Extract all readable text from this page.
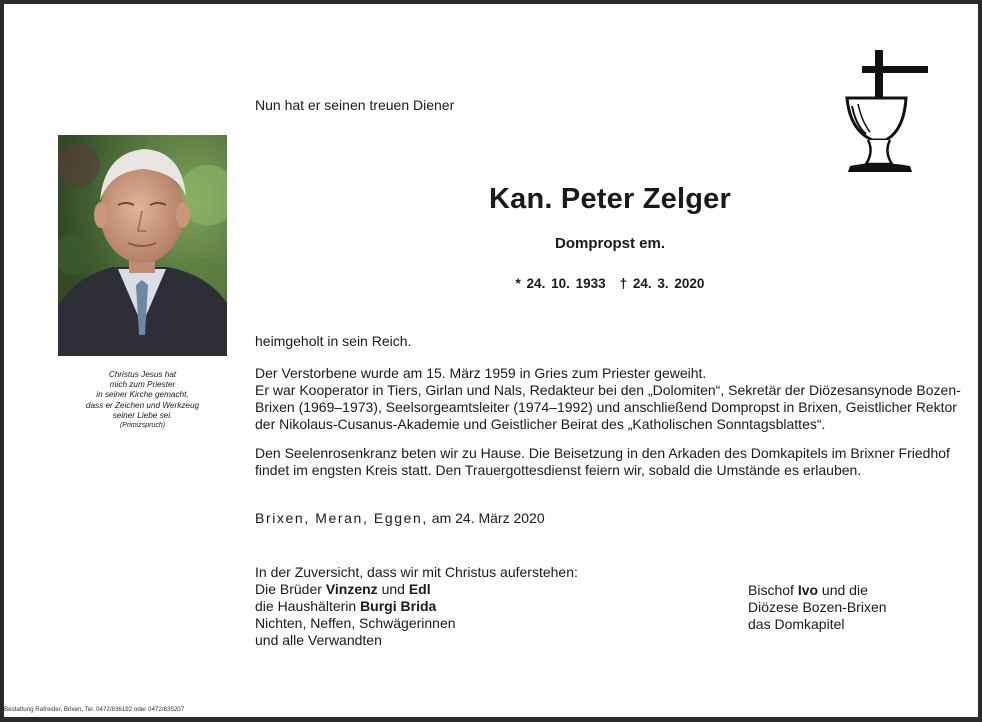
Nun hat er seinen treuen Diener
Christus Jesus hat
mich zum Priester
in seiner Kirche gemacht,
dass er Zeichen und Werkzeug
seiner Liebe sei.
(Primizspruch)
Kan. Peter Zelger
Dompropst em.
* 24. 10. 1933 † 24. 3. 2020
heimgeholt in sein Reich.
Der Verstorbene wurde am 15. März 1959 in Gries zum Priester geweiht.
Er war Kooperator in Tiers, Girlan und Nals, Redakteur bei den „Dolomiten“, Sekretär der Diözesansynode Bozen-
Brixen (1969–1973), Seelsorgeamtsleiter (1974–1992) und anschließend Dompropst in Brixen, Geistlicher Rektor
der Nikolaus-Cusanus-Akademie und Geistlicher Beirat des „Katholischen Sonntagsblattes“.
Den Seelenrosenkranz beten wir zu Hause. Die Beisetzung in den Arkaden des Domkapitels im Brixner Friedhof
findet im engsten Kreis statt. Den Trauergottesdienst feiern wir, sobald die Umstände es erlauben.
Brixen, Meran, Eggen, am 24. März 2020
In der Zuversicht, dass wir mit Christus auferstehen:
Die Brüder Vinzenz und Edl
die Haushälterin Burgi Brida
Nichten, Neffen, Schwägerinnen
und alle Verwandten
Bischof Ivo und die
Diözese Bozen-Brixen
das Domkapitel
Bestattung Rafreider, Brixen, Tel. 0472/836192 oder 0472/835207
